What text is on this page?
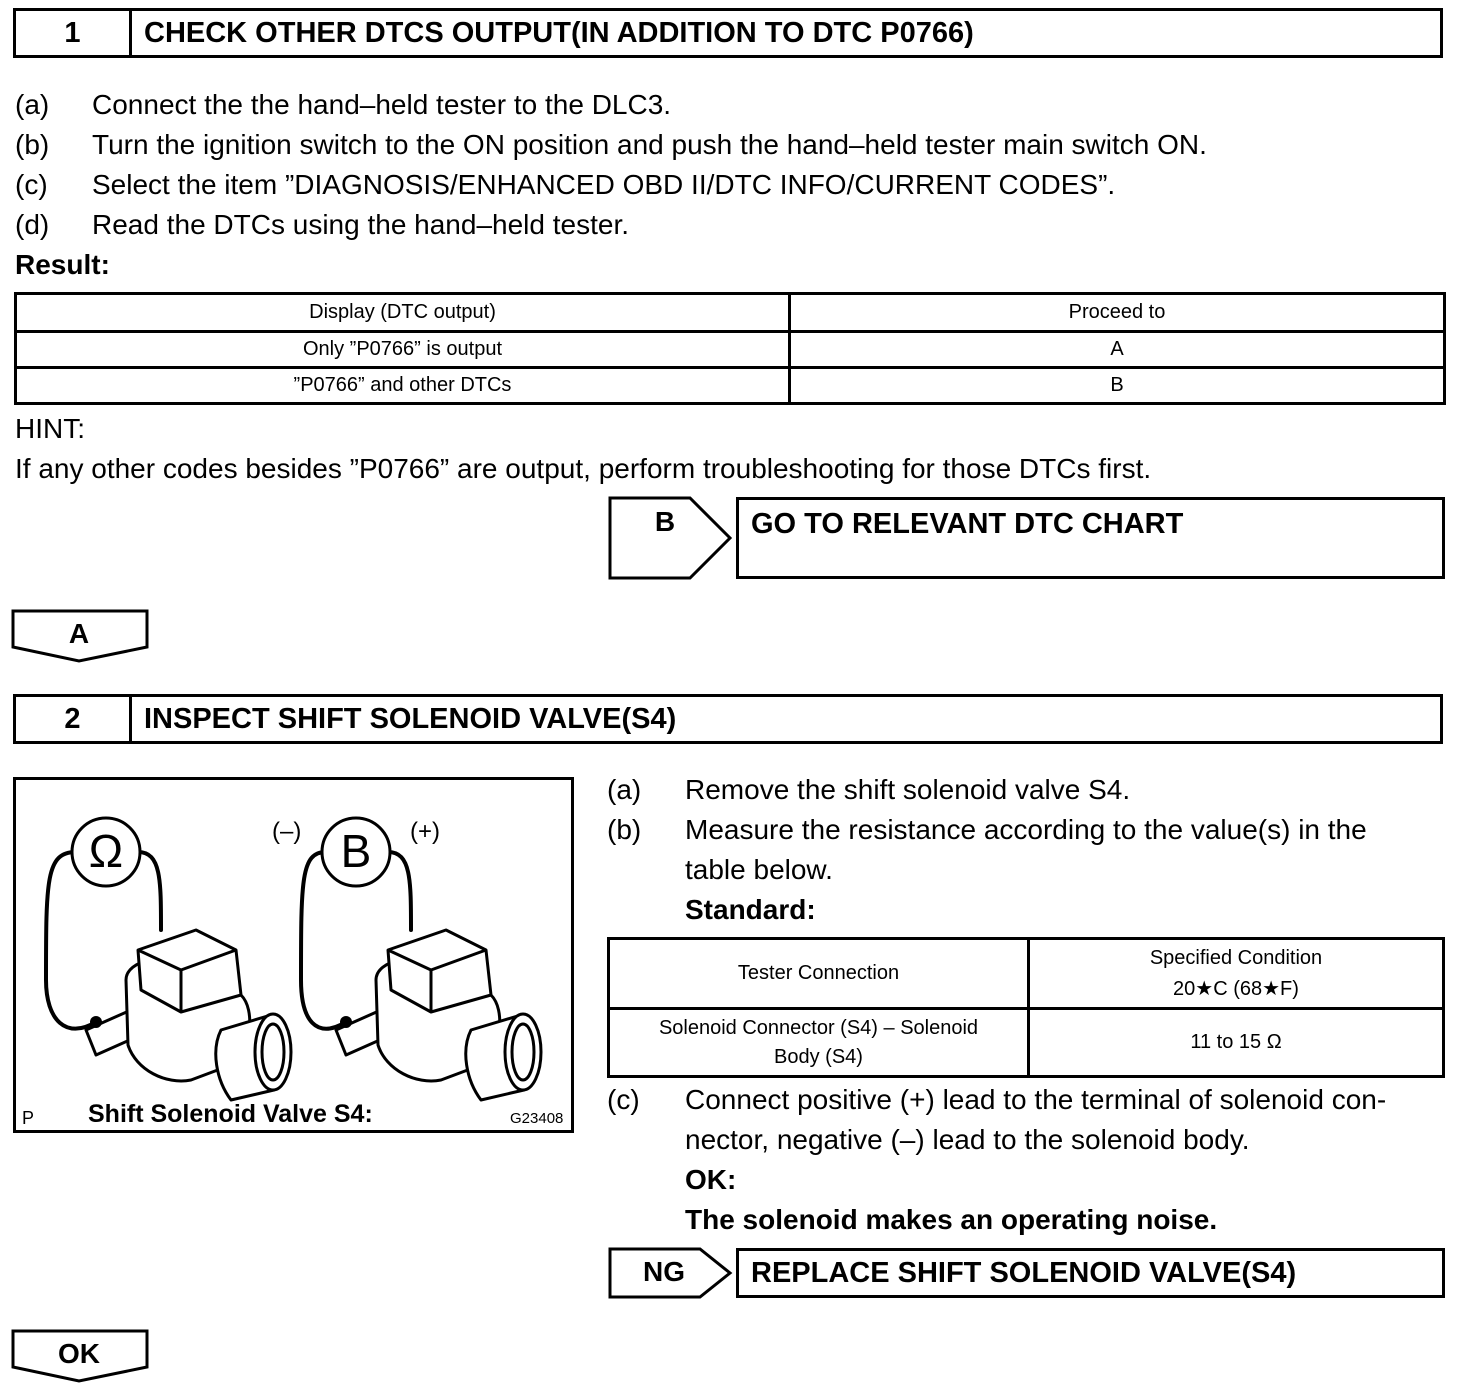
1	CHECK OTHER DTCS OUTPUT(IN ADDITION TO DTC P0766)
(a) Connect the the hand–held tester to the DLC3.
(b) Turn the ignition switch to the ON position and push the hand–held tester main switch ON.
(c) Select the item ”DIAGNOSIS/ENHANCED OBD II/DTC INFO/CURRENT CODES”.
(d) Read the DTCs using the hand–held tester.
Result:
Display (DTC output)	Proceed to
Only ”P0766” is output	A
”P0766” and other DTCs	B
HINT:
If any other codes besides ”P0766” are output, perform troubleshooting for those DTCs first.
B	GO TO RELEVANT DTC CHART
A
2	INSPECT SHIFT SOLENOID VALVE(S4)
Ω	B
(–)	(+)
P Shift Solenoid Valve S4:	G23408
(a) Remove the shift solenoid valve S4.
(b) Measure the resistance according to the value(s) in the
table below.
Standard:
Tester Connection	Specified Condition
20★C (68★F)

Solenoid Connector (S4) – Solenoid
Body (S4)	11 to 15 Ω
(c) Connect positive (+) lead to the terminal of solenoid con-
nector, negative (–) lead to the solenoid body.
OK:
The solenoid makes an operating noise.
NG	REPLACE SHIFT SOLENOID VALVE(S4)
OK
